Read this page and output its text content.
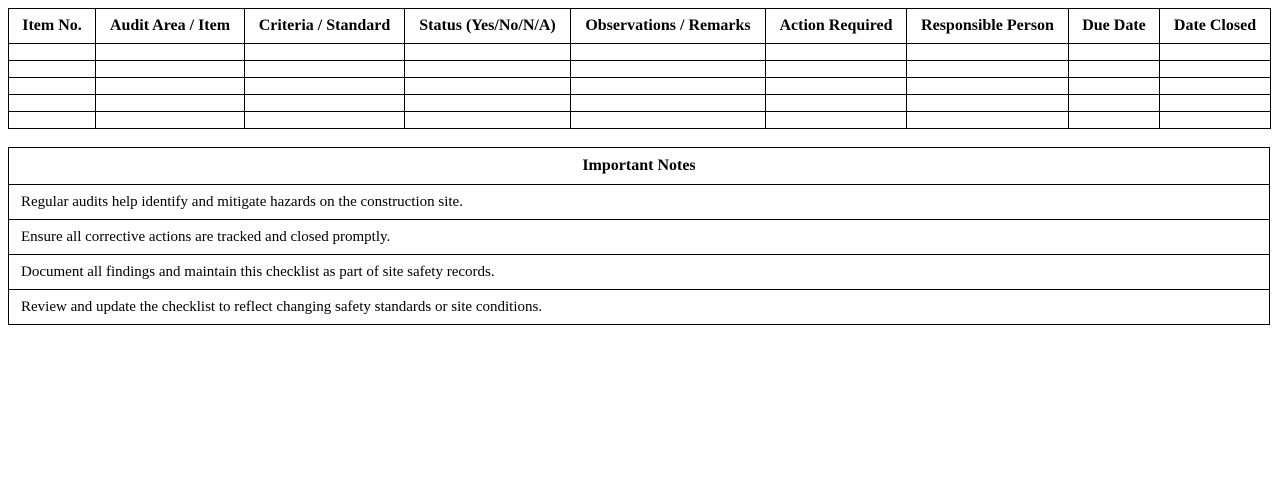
Item No.	Audit Area / Item	Criteria / Standard	Status (Yes/No/N/A)	Observations / Remarks	Action Required	Responsible Person	Due Date	Date Closed

Important Notes
Regular audits help identify and mitigate hazards on the construction site.
Ensure all corrective actions are tracked and closed promptly.
Document all findings and maintain this checklist as part of site safety records.
Review and update the checklist to reflect changing safety standards or site conditions.
